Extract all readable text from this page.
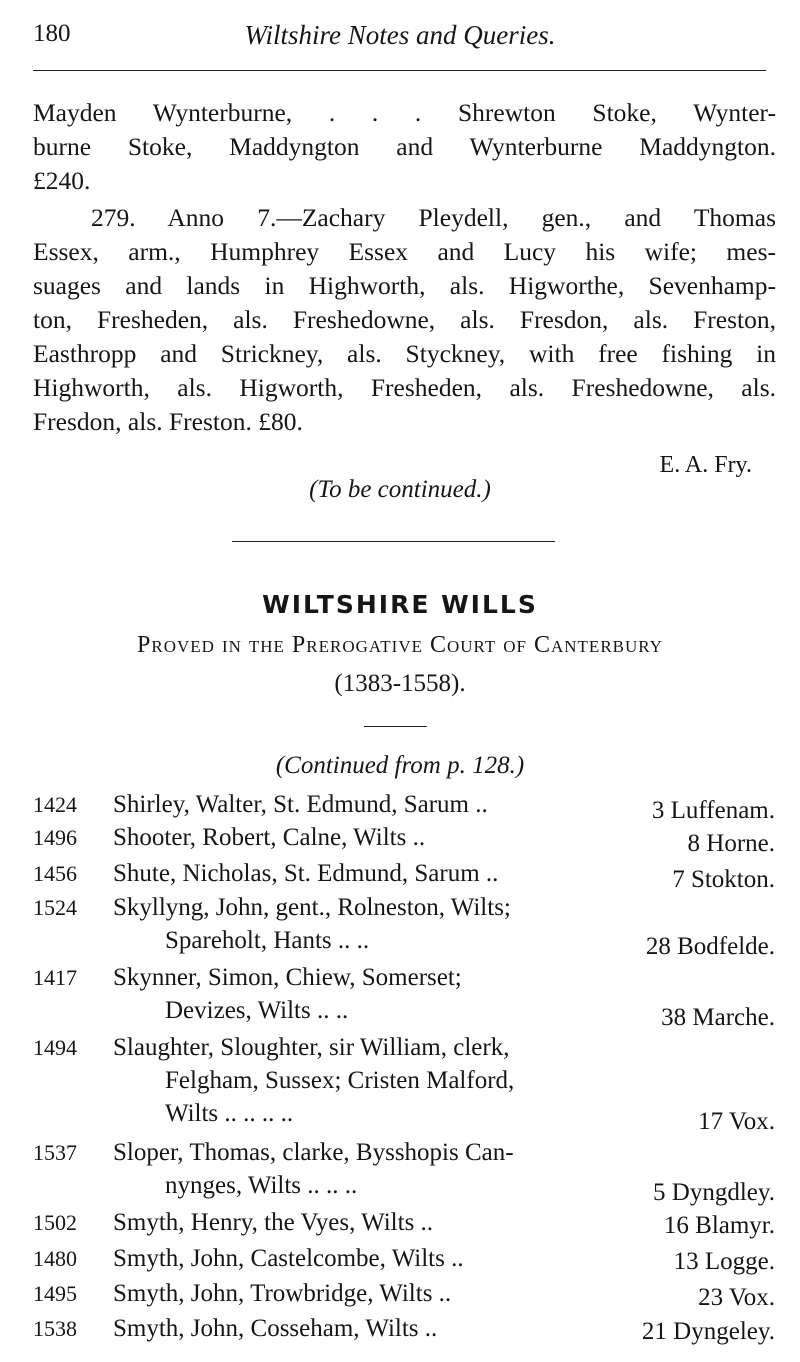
180	Wiltshire Notes and Queries.
Mayden Wynterburne, . . . Shrewton Stoke, Wynter-
burne Stoke, Maddyngton and Wynterburne Maddyngton.
£240.
279. Anno 7.—Zachary Pleydell, gen., and Thomas
Essex, arm., Humphrey Essex and Lucy his wife; mes-
suages and lands in Highworth, als. Higworthe, Sevenhamp-
ton, Fresheden, als. Freshedowne, als. Fresdon, als. Freston,
Easthropp and Strickney, als. Styckney, with free fishing in
Highworth, als. Higworth, Fresheden, als. Freshedowne, als.
Fresdon, als. Freston. £80.
E. A. Fry.
(To be continued.)
WILTSHIRE WILLS
Proved in the Prerogative Court of Canterbury
(1383-1558).
(Continued from p. 128.)
1424 Shirley, Walter, St. Edmund, Sarum ..	3 Luffenam.
1496 Shooter, Robert, Calne, Wilts ..	8 Horne.
1456 Shute, Nicholas, St. Edmund, Sarum ..	7 Stokton.
1524 Skyllyng, John, gent., Rolneston, Wilts;
Spareholt, Hants .. ..	28 Bodfelde.
1417 Skynner, Simon, Chiew, Somerset;
Devizes, Wilts .. ..	38 Marche.
1494 Slaughter, Sloughter, sir William, clerk,
Felgham, Sussex; Cristen Malford,
Wilts .. .. .. ..	17 Vox.
1537 Sloper, Thomas, clarke, Bysshopis Can-
nynges, Wilts .. .. ..	5 Dyngdley.
1502 Smyth, Henry, the Vyes, Wilts ..	16 Blamyr.
1480 Smyth, John, Castelcombe, Wilts ..	13 Logge.
1495 Smyth, John, Trowbridge, Wilts ..	23 Vox.
1538 Smyth, John, Cosseham, Wilts ..	21 Dyngeley.
